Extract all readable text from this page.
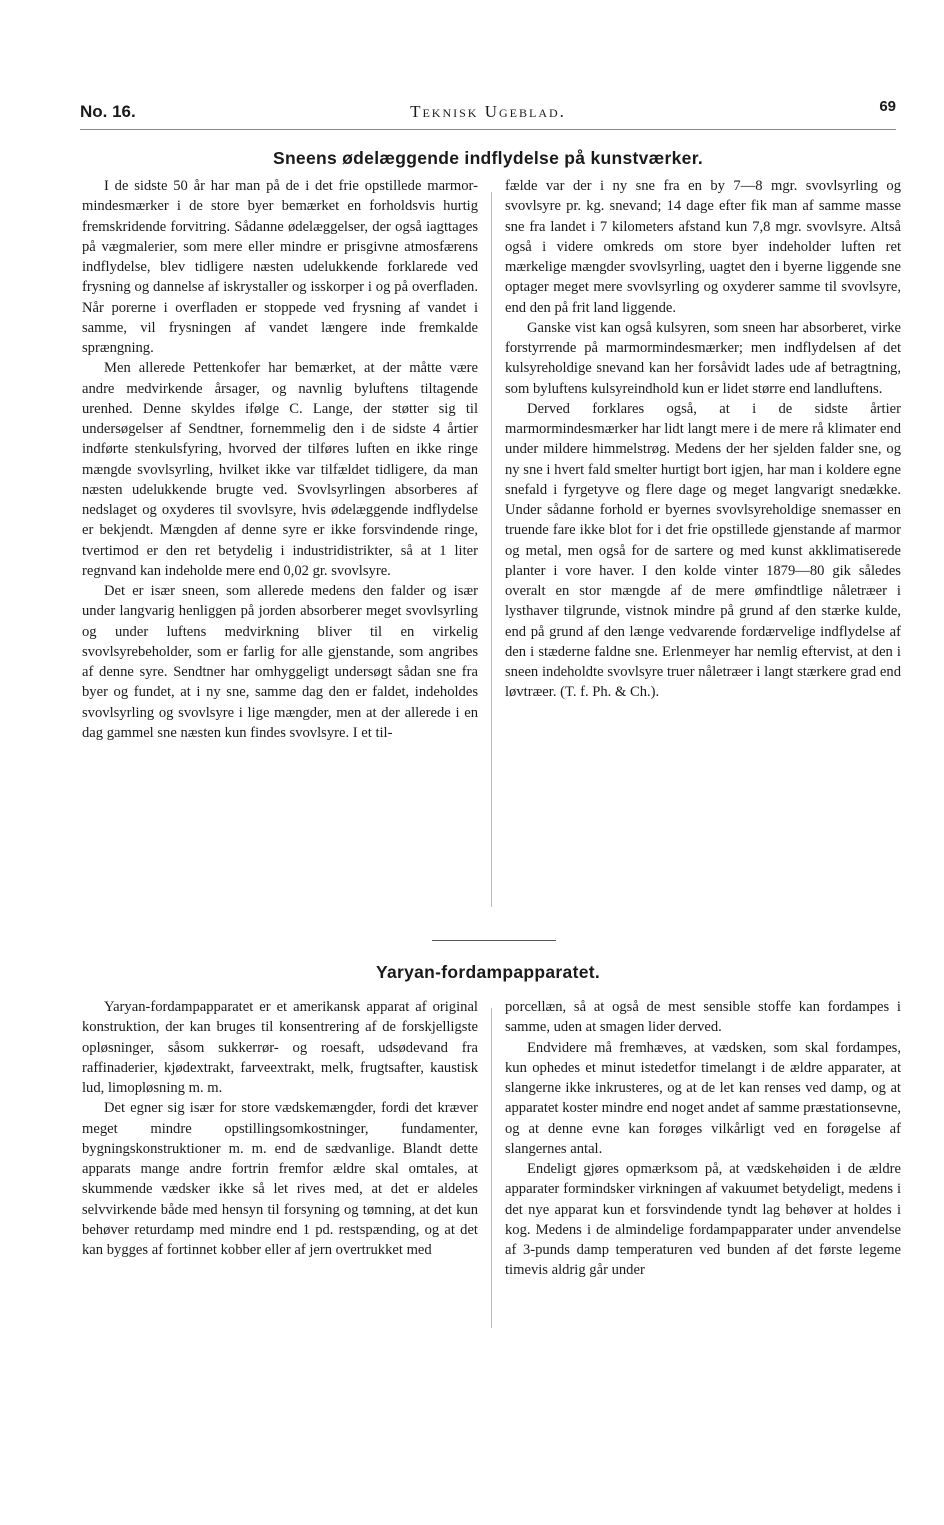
No. 16.	Teknisk Ugeblad.	69
Sneens ødelæggende indflydelse på kunstværker.

I de sidste 50 år har man på de i det frie opstillede marmor-mindesmærker i de store byer bemærket en forholdsvis hurtig fremskridende forvitring. Sådanne ødelæggelser, der også iagttages på vægmalerier, som mere eller mindre er prisgivne atmosfærens indflydelse, blev tidligere næsten udelukkende forklarede ved frysning og dannelse af iskrystaller og isskorper i og på overfladen. Når porerne i overfladen er stoppede ved frysning af vandet i samme, vil frysningen af vandet længere inde fremkalde sprængning.

Men allerede Pettenkofer har bemærket, at der måtte være andre medvirkende årsager, og navnlig byluftens tiltagende urenhed. Denne skyldes ifølge C. Lange, der støtter sig til undersøgelser af Sendtner, fornemmelig den i de sidste 4 årtier indførte stenkulsfyring, hvorved der tilføres luften en ikke ringe mængde svovlsyrling, hvilket ikke var tilfældet tidligere, da man næsten udelukkende brugte ved. Svovlsyrlingen absorberes af nedslaget og oxyderes til svovlsyre, hvis ødelæggende indflydelse er bekjendt. Mængden af denne syre er ikke forsvindende ringe, tvertimod er den ret betydelig i industridistrikter, så at 1 liter regnvand kan indeholde mere end 0,02 gr. svovlsyre.

Det er især sneen, som allerede medens den falder og især under langvarig henliggen på jorden absorberer meget svovlsyrling og under luftens medvirkning bliver til en virkelig svovlsyrebeholder, som er farlig for alle gjenstande, som angribes af denne syre. Sendtner har omhyggeligt undersøgt sådan sne fra byer og fundet, at i ny sne, samme dag den er faldet, indeholdes svovlsyrling og svovlsyre i lige mængder, men at der allerede i en dag gammel sne næsten kun findes svovlsyre. I et til-

fælde var der i ny sne fra en by 7—8 mgr. svovlsyrling og svovlsyre pr. kg. snevand; 14 dage efter fik man af samme masse sne fra landet i 7 kilometers afstand kun 7,8 mgr. svovlsyre. Altså også i videre omkreds om store byer indeholder luften ret mærkelige mængder svovlsyrling, uagtet den i byerne liggende sne optager meget mere svovlsyrling og oxyderer samme til svovlsyre, end den på frit land liggende.

Ganske vist kan også kulsyren, som sneen har absorberet, virke forstyrrende på marmormindesmærker; men indflydelsen af det kulsyreholdige snevand kan her forsåvidt lades ude af betragtning, som byluftens kulsyreindhold kun er lidet større end landluftens.

Derved forklares også, at i de sidste årtier marmormindesmærker har lidt langt mere i de mere rå klimater end under mildere himmelstrøg. Medens der her sjelden falder sne, og ny sne i hvert fald smelter hurtigt bort igjen, har man i koldere egne snefald i fyrgetyve og flere dage og meget langvarigt snedække. Under sådanne forhold er byernes svovlsyreholdige snemasser en truende fare ikke blot for i det frie opstillede gjenstande af marmor og metal, men også for de sartere og med kunst akklimatiserede planter i vore haver. I den kolde vinter 1879—80 gik således overalt en stor mængde af de mere ømfindtlige nåletræer i lysthaver tilgrunde, vistnok mindre på grund af den stærke kulde, end på grund af den længe vedvarende fordærvelige indflydelse af den i stæderne faldne sne. Erlenmeyer har nemlig eftervist, at den i sneen indeholdte svovlsyre truer nåletræer i langt stærkere grad end løvtræer. (T. f. Ph. & Ch.).

Yaryan-fordampapparatet.

Yaryan-fordampapparatet er et amerikansk apparat af original konstruktion, der kan bruges til konsentrering af de forskjelligste opløsninger, såsom sukkerrør- og roesaft, udsødevand fra raffinaderier, kjødextrakt, farveextrakt, melk, frugtsafter, kaustisk lud, limopløsning m. m.

Det egner sig især for store vædskemængder, fordi det kræver meget mindre opstillingsomkostninger, fundamenter, bygningskonstruktioner m. m. end de sædvanlige. Blandt dette apparats mange andre fortrin fremfor ældre skal omtales, at skummende vædsker ikke så let rives med, at det er aldeles selvvirkende både med hensyn til forsyning og tømning, at det kun behøver returdamp med mindre end 1 pd. restspænding, og at det kan bygges af fortinnet kobber eller af jern overtrukket med

porcellæn, så at også de mest sensible stoffe kan fordampes i samme, uden at smagen lider derved.

Endvidere må fremhæves, at vædsken, som skal fordampes, kun ophedes et minut istedetfor timelangt i de ældre apparater, at slangerne ikke inkrusteres, og at de let kan renses ved damp, og at apparatet koster mindre end noget andet af samme præstationsevne, og at denne evne kan forøges vilkårligt ved en forøgelse af slangernes antal.

Endeligt gjøres opmærksom på, at vædskehøiden i de ældre apparater formindsker virkningen af vakuumet betydeligt, medens i det nye apparat kun et forsvindende tyndt lag behøver at holdes i kog. Medens i de almindelige fordampapparater under anvendelse af 3-punds damp temperaturen ved bunden af det første legeme timevis aldrig går under
